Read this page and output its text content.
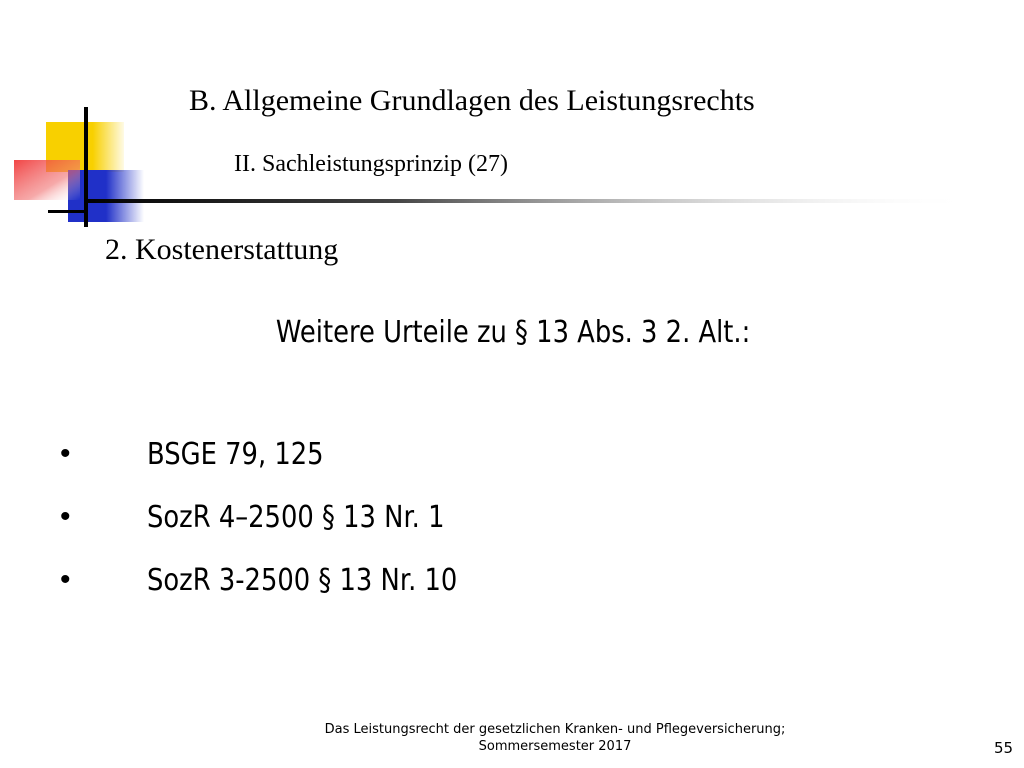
B. Allgemeine Grundlagen des Leistungsrechts
II. Sachleistungsprinzip (27)
2. Kostenerstattung
Weitere Urteile zu § 13 Abs. 3 2. Alt.:
•	BSGE 79, 125
•	SozR 4–2500 § 13 Nr. 1
•	SozR 3-2500 § 13 Nr. 10
Das Leistungsrecht der gesetzlichen Kranken- und Pflegeversicherung;
Sommersemester 2017	55
